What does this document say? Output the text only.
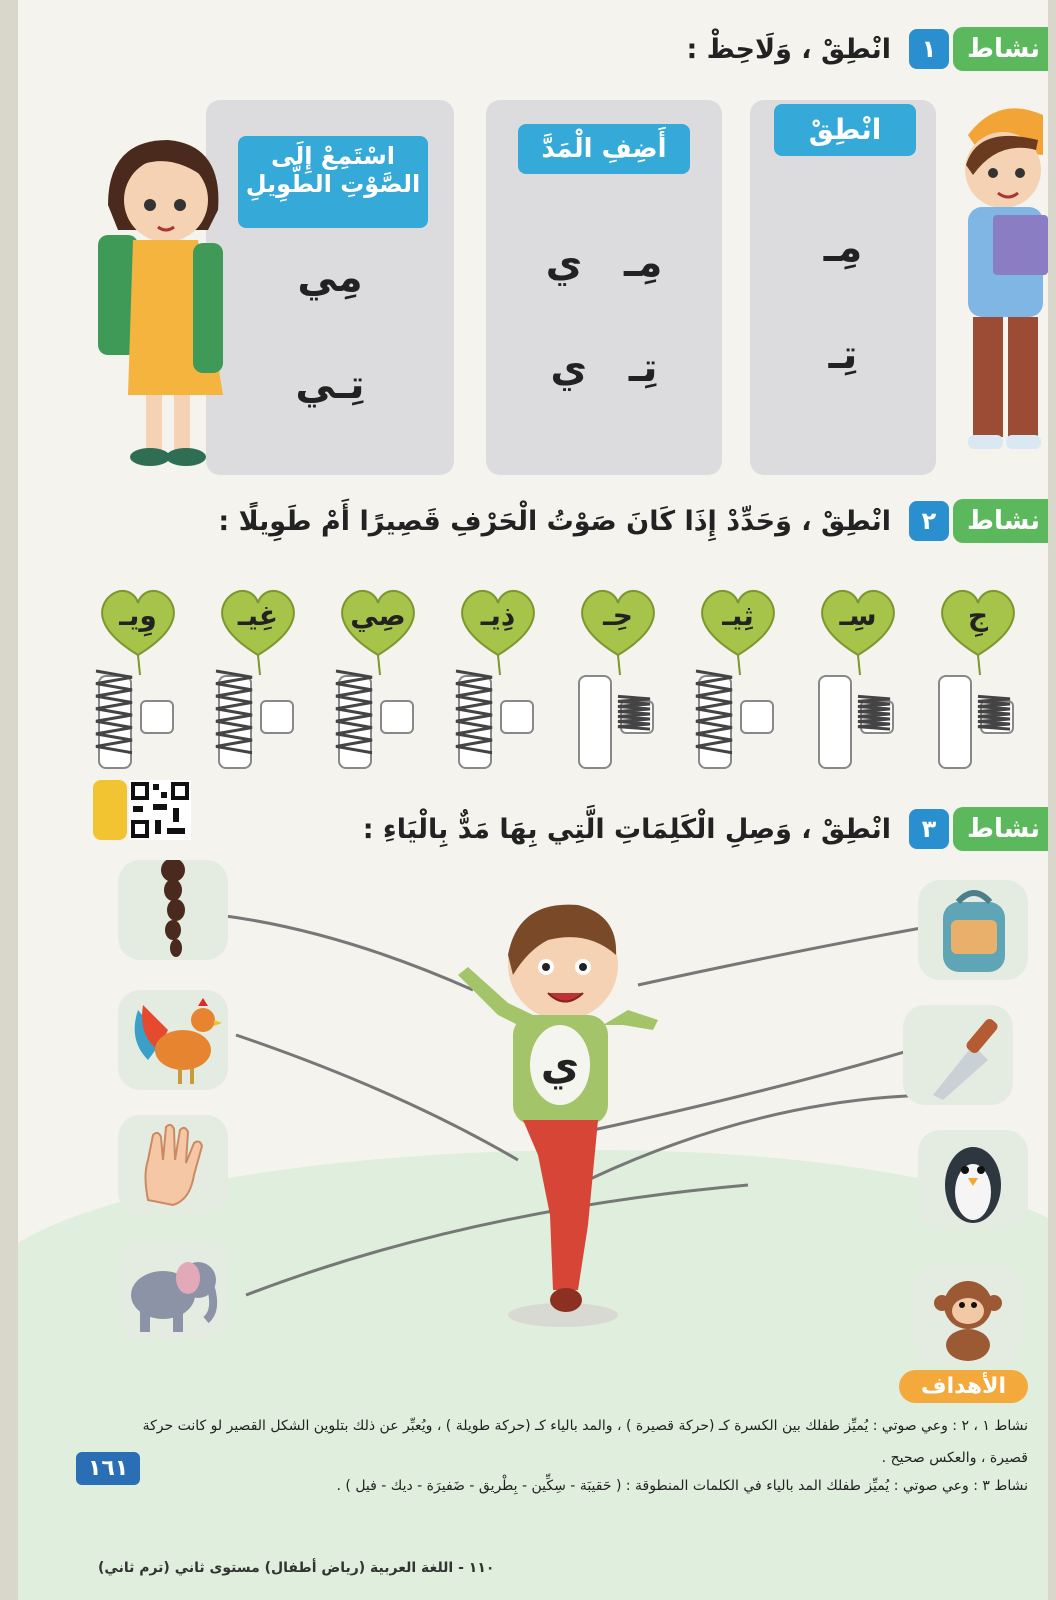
نشاط
١
انْطِقْ ، وَلَاحِظْ :
انْطِقْ
مِـ
تِـ
أَضِفِ الْمَدَّ
مِـ   ي
تِـ   ي
اسْتَمِعْ إِلَى
الصَّوْتِ الطَّوِيلِ
مِي
تِـي
نشاط
٢
انْطِقْ ، وَحَدِّدْ إِذَا كَانَ صَوْتُ الْحَرْفِ قَصِيرًا أَمْ طَوِيلًا :
جِ
سِـ
ثِيـ
حِـ
ذِيـ
صِي
غِيـ
وِيـ
نشاط
٣
انْطِقْ ، وَصِلِ الْكَلِمَاتِ الَّتِي بِهَا مَدٌّ بِالْيَاءِ :
ي
الأهداف
نشاط ١ ، ٢ : وعي صوتي : يُميِّز طفلك بين الكسرة كـ (حركة قصيرة ) ، والمد بالياء كـ (حركة طويلة ) ، ويُعبِّر عن ذلك بتلوين الشكل القصير لو كانت حركة
قصيرة ، والعكس صحيح .
نشاط ٣ : وعي صوتي : يُميِّز طفلك المد بالياء في الكلمات المنطوقة : ( حَقيبَة - سِكِّين - بِطْريق - ضَفيرَة - ديك - فيل ) .
١٦١
١١٠ - اللغة العربية (رياض أطفال) مستوى ثاني (ترم ثاني)
